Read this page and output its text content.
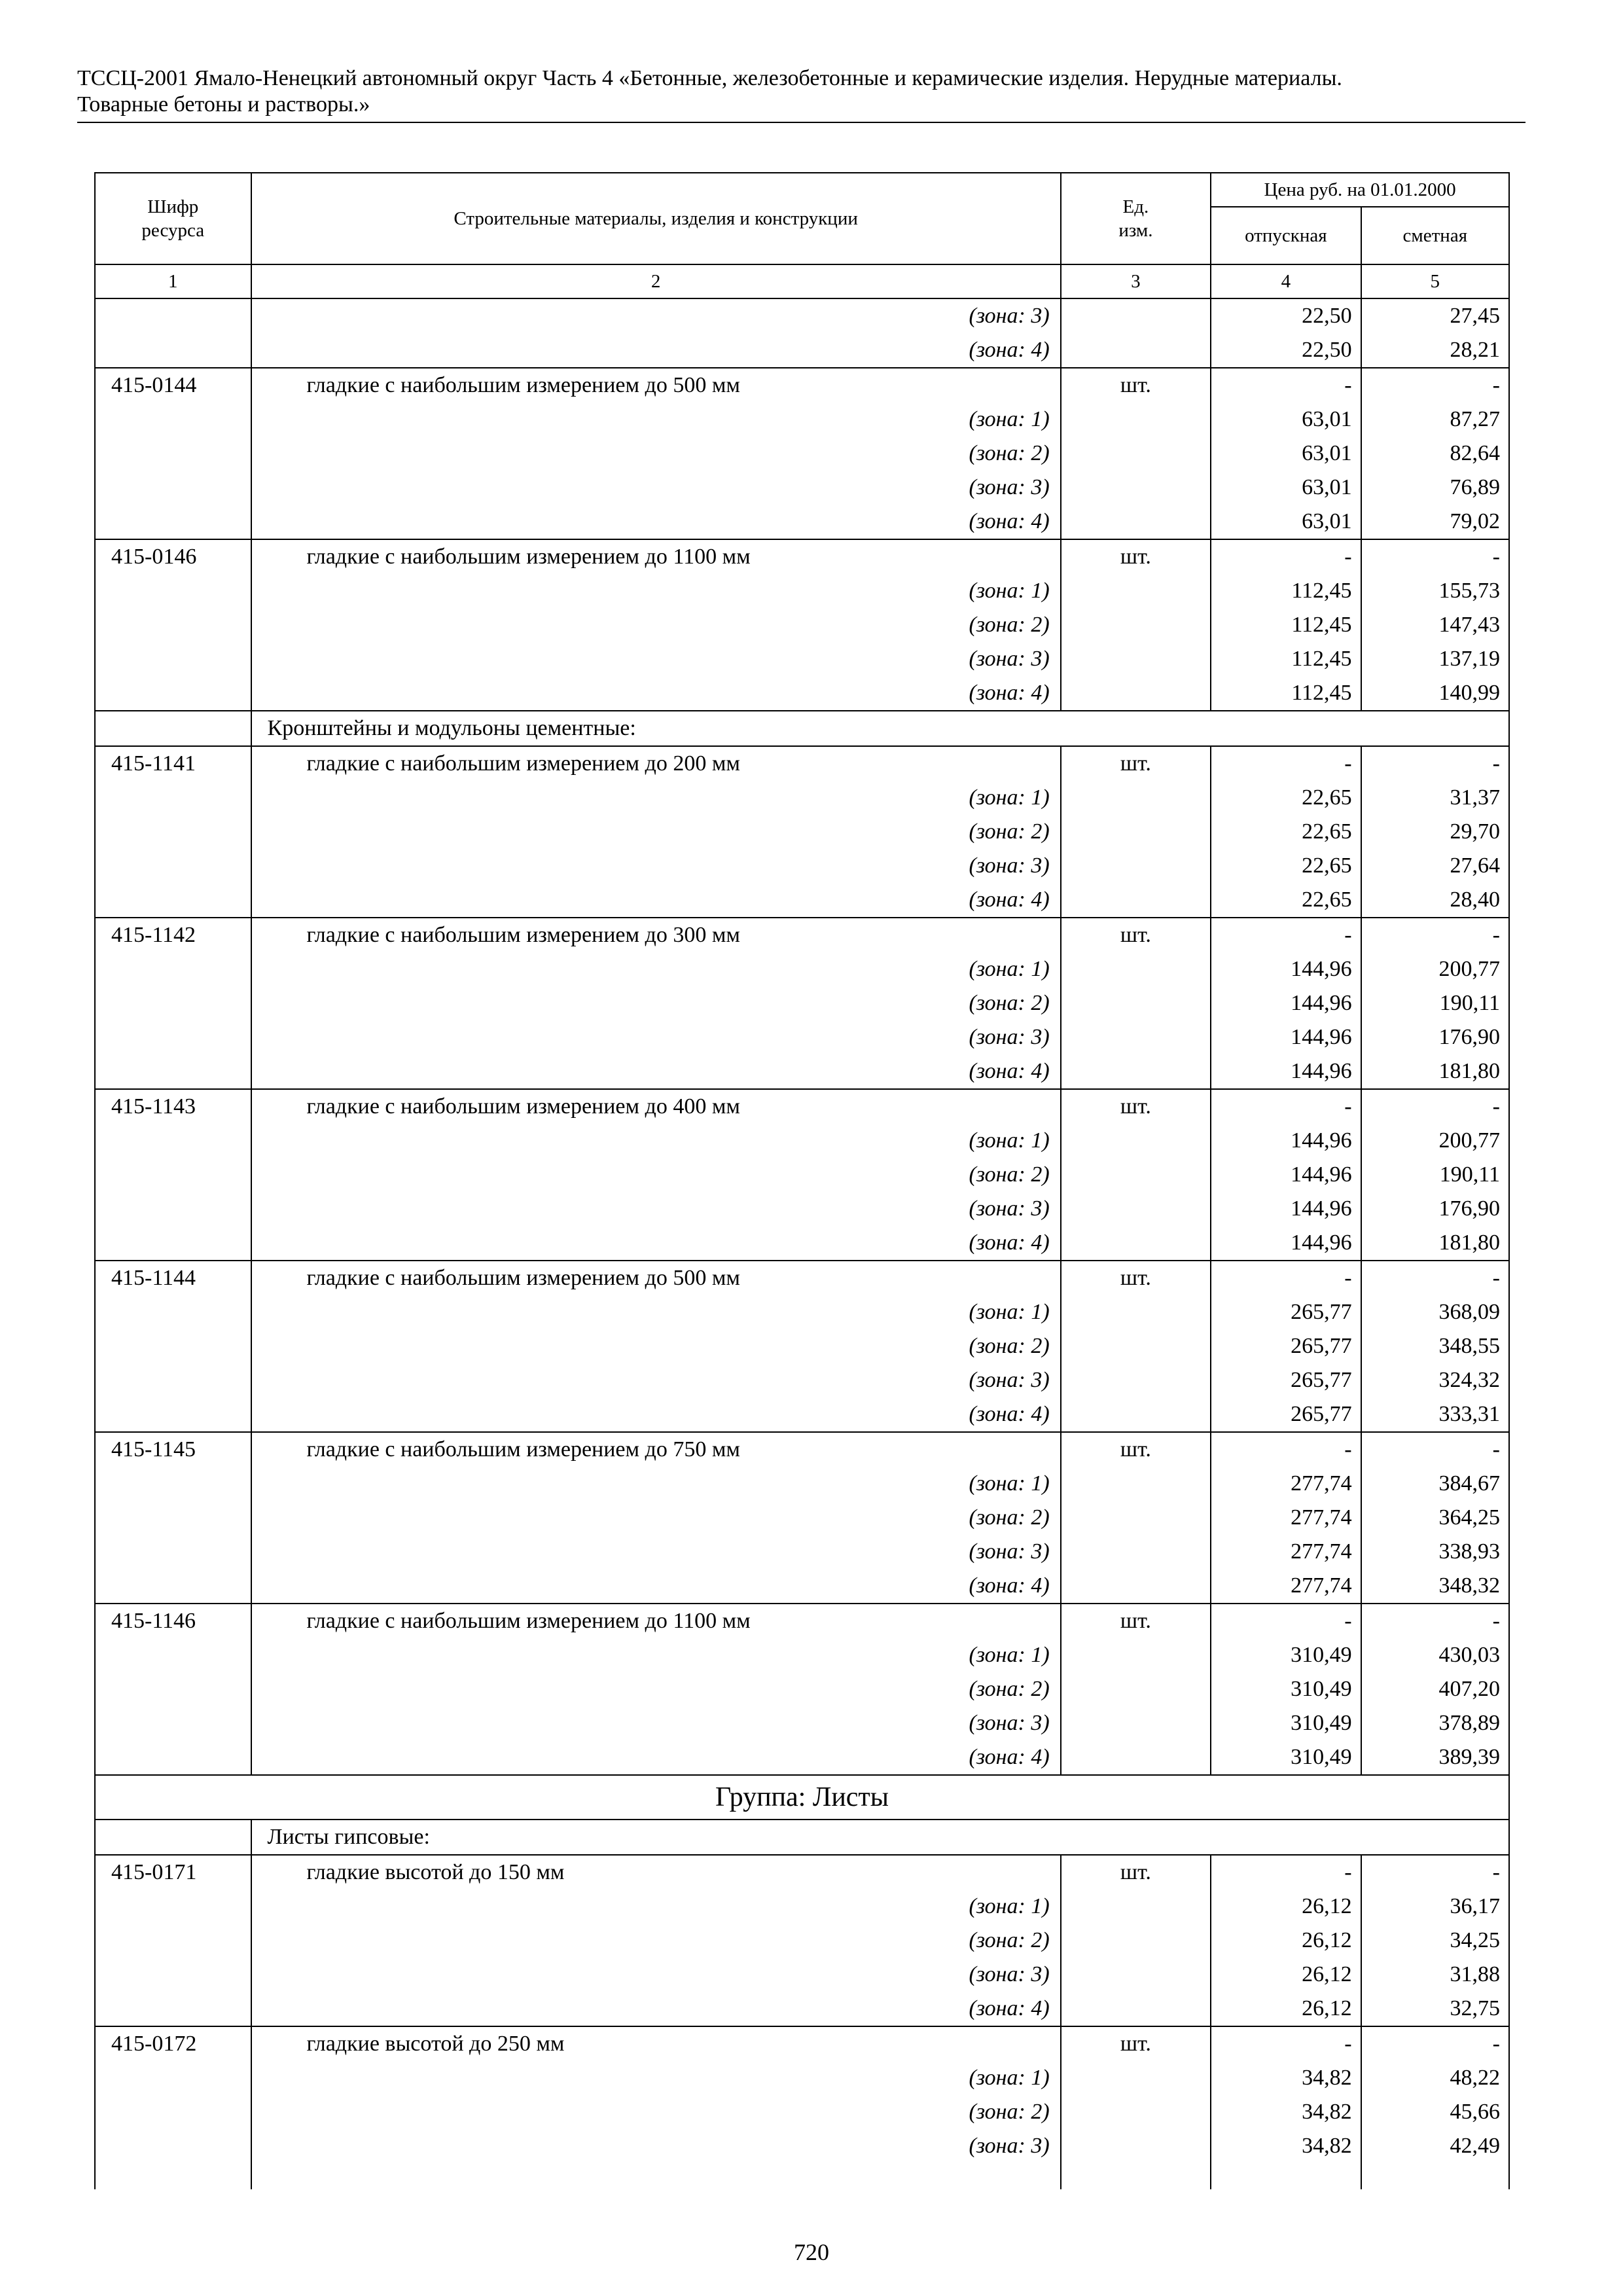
ТССЦ-2001 Ямало-Ненецкий автономный округ Часть 4 «Бетонные, железобетонные и керамические изделия. Нерудные материалы.
Товарные бетоны и растворы.»
Шифр ресурса	Строительные материалы, изделия и конструкции	Ед. изм.	Цена руб. на 01.01.2000	
			отпускная	сметная
1	2	3	4	5
	(зона: 3)		22,50	27,45
	(зона: 4)		22,50	28,21
415-0144	гладкие с наибольшим измерением до 500 мм	шт.	-	-
	(зона: 1)		63,01	87,27
	(зона: 2)		63,01	82,64
	(зона: 3)		63,01	76,89
	(зона: 4)		63,01	79,02
415-0146	гладкие с наибольшим измерением до 1100 мм	шт.	-	-
	(зона: 1)		112,45	155,73
	(зона: 2)		112,45	147,43
	(зона: 3)		112,45	137,19
	(зона: 4)		112,45	140,99
	Кронштейны и модульоны цементные:			
415-1141	гладкие с наибольшим измерением до 200 мм	шт.	-	-
	(зона: 1)		22,65	31,37
	(зона: 2)		22,65	29,70
	(зона: 3)		22,65	27,64
	(зона: 4)		22,65	28,40
415-1142	гладкие с наибольшим измерением до 300 мм	шт.	-	-
	(зона: 1)		144,96	200,77
	(зона: 2)		144,96	190,11
	(зона: 3)		144,96	176,90
	(зона: 4)		144,96	181,80
415-1143	гладкие с наибольшим измерением до 400 мм	шт.	-	-
	(зона: 1)		144,96	200,77
	(зона: 2)		144,96	190,11
	(зона: 3)		144,96	176,90
	(зона: 4)		144,96	181,80
415-1144	гладкие с наибольшим измерением до 500 мм	шт.	-	-
	(зона: 1)		265,77	368,09
	(зона: 2)		265,77	348,55
	(зона: 3)		265,77	324,32
	(зона: 4)		265,77	333,31
415-1145	гладкие с наибольшим измерением до 750 мм	шт.	-	-
	(зона: 1)		277,74	384,67
	(зона: 2)		277,74	364,25
	(зона: 3)		277,74	338,93
	(зона: 4)		277,74	348,32
415-1146	гладкие с наибольшим измерением до 1100 мм	шт.	-	-
	(зона: 1)		310,49	430,03
	(зона: 2)		310,49	407,20
	(зона: 3)		310,49	378,89
	(зона: 4)		310,49	389,39
Группа: Листы				
	Листы гипсовые:			
415-0171	гладкие высотой до 150 мм	шт.	-	-
	(зона: 1)		26,12	36,17
	(зона: 2)		26,12	34,25
	(зона: 3)		26,12	31,88
	(зона: 4)		26,12	32,75
415-0172	гладкие высотой до 250 мм	шт.	-	-
	(зона: 1)		34,82	48,22
	(зона: 2)		34,82	45,66
	(зона: 3)		34,82	42,49

720
